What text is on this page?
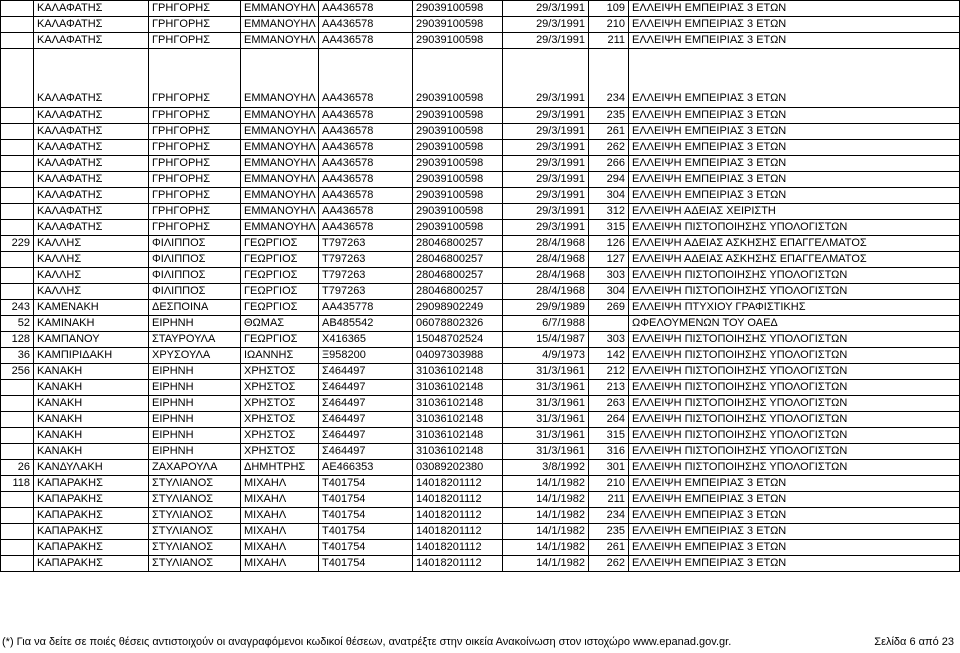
	ΚΑΛΑΦΑΤΗΣ	ΓΡΗΓΟΡΗΣ	ΕΜΜΑΝΟΥΗΛ	ΑΑ436578	29039100598	29/3/1991	109	ΕΛΛΕΙΨΗ ΕΜΠΕΙΡΙΑΣ 3 ΕΤΩΝ
	ΚΑΛΑΦΑΤΗΣ	ΓΡΗΓΟΡΗΣ	ΕΜΜΑΝΟΥΗΛ	ΑΑ436578	29039100598	29/3/1991	210	ΕΛΛΕΙΨΗ ΕΜΠΕΙΡΙΑΣ 3 ΕΤΩΝ
	ΚΑΛΑΦΑΤΗΣ	ΓΡΗΓΟΡΗΣ	ΕΜΜΑΝΟΥΗΛ	ΑΑ436578	29039100598	29/3/1991	211	ΕΛΛΕΙΨΗ ΕΜΠΕΙΡΙΑΣ 3 ΕΤΩΝ
	ΚΑΛΑΦΑΤΗΣ	ΓΡΗΓΟΡΗΣ	ΕΜΜΑΝΟΥΗΛ	ΑΑ436578	29039100598	29/3/1991	234	ΕΛΛΕΙΨΗ ΕΜΠΕΙΡΙΑΣ 3 ΕΤΩΝ
	ΚΑΛΑΦΑΤΗΣ	ΓΡΗΓΟΡΗΣ	ΕΜΜΑΝΟΥΗΛ	ΑΑ436578	29039100598	29/3/1991	235	ΕΛΛΕΙΨΗ ΕΜΠΕΙΡΙΑΣ 3 ΕΤΩΝ
	ΚΑΛΑΦΑΤΗΣ	ΓΡΗΓΟΡΗΣ	ΕΜΜΑΝΟΥΗΛ	ΑΑ436578	29039100598	29/3/1991	261	ΕΛΛΕΙΨΗ ΕΜΠΕΙΡΙΑΣ 3 ΕΤΩΝ
	ΚΑΛΑΦΑΤΗΣ	ΓΡΗΓΟΡΗΣ	ΕΜΜΑΝΟΥΗΛ	ΑΑ436578	29039100598	29/3/1991	262	ΕΛΛΕΙΨΗ ΕΜΠΕΙΡΙΑΣ 3 ΕΤΩΝ
	ΚΑΛΑΦΑΤΗΣ	ΓΡΗΓΟΡΗΣ	ΕΜΜΑΝΟΥΗΛ	ΑΑ436578	29039100598	29/3/1991	266	ΕΛΛΕΙΨΗ ΕΜΠΕΙΡΙΑΣ 3 ΕΤΩΝ
	ΚΑΛΑΦΑΤΗΣ	ΓΡΗΓΟΡΗΣ	ΕΜΜΑΝΟΥΗΛ	ΑΑ436578	29039100598	29/3/1991	294	ΕΛΛΕΙΨΗ ΕΜΠΕΙΡΙΑΣ 3 ΕΤΩΝ
	ΚΑΛΑΦΑΤΗΣ	ΓΡΗΓΟΡΗΣ	ΕΜΜΑΝΟΥΗΛ	ΑΑ436578	29039100598	29/3/1991	304	ΕΛΛΕΙΨΗ ΕΜΠΕΙΡΙΑΣ 3 ΕΤΩΝ
	ΚΑΛΑΦΑΤΗΣ	ΓΡΗΓΟΡΗΣ	ΕΜΜΑΝΟΥΗΛ	ΑΑ436578	29039100598	29/3/1991	312	ΕΛΛΕΙΨΗ ΑΔΕΙΑΣ ΧΕΙΡΙΣΤΗ
	ΚΑΛΑΦΑΤΗΣ	ΓΡΗΓΟΡΗΣ	ΕΜΜΑΝΟΥΗΛ	ΑΑ436578	29039100598	29/3/1991	315	ΕΛΛΕΙΨΗ ΠΙΣΤΟΠΟΙΗΣΗΣ ΥΠΟΛΟΓΙΣΤΩΝ
229	ΚΑΛΛΗΣ	ΦΙΛΙΠΠΟΣ	ΓΕΩΡΓΙΟΣ	Τ797263	28046800257	28/4/1968	126	ΕΛΛΕΙΨΗ ΑΔΕΙΑΣ ΑΣΚΗΣΗΣ ΕΠΑΓΓΕΛΜΑΤΟΣ
	ΚΑΛΛΗΣ	ΦΙΛΙΠΠΟΣ	ΓΕΩΡΓΙΟΣ	Τ797263	28046800257	28/4/1968	127	ΕΛΛΕΙΨΗ ΑΔΕΙΑΣ ΑΣΚΗΣΗΣ ΕΠΑΓΓΕΛΜΑΤΟΣ
	ΚΑΛΛΗΣ	ΦΙΛΙΠΠΟΣ	ΓΕΩΡΓΙΟΣ	Τ797263	28046800257	28/4/1968	303	ΕΛΛΕΙΨΗ ΠΙΣΤΟΠΟΙΗΣΗΣ ΥΠΟΛΟΓΙΣΤΩΝ
	ΚΑΛΛΗΣ	ΦΙΛΙΠΠΟΣ	ΓΕΩΡΓΙΟΣ	Τ797263	28046800257	28/4/1968	304	ΕΛΛΕΙΨΗ ΠΙΣΤΟΠΟΙΗΣΗΣ ΥΠΟΛΟΓΙΣΤΩΝ
243	ΚΑΜΕΝΑΚΗ	ΔΕΣΠΟΙΝΑ	ΓΕΩΡΓΙΟΣ	ΑΑ435778	29098902249	29/9/1989	269	ΕΛΛΕΙΨΗ ΠΤΥΧΙΟΥ ΓΡΑΦΙΣΤΙΚΗΣ
52	ΚΑΜΙΝΑΚΗ	ΕΙΡΗΝΗ	ΘΩΜΑΣ	ΑΒ485542	06078802326	6/7/1988		ΩΦΕΛΟΥΜΕΝΩΝ ΤΟΥ ΟΑΕΔ
128	ΚΑΜΠΑΝΟΥ	ΣΤΑΥΡΟΥΛΑ	ΓΕΩΡΓΙΟΣ	Χ416365	15048702524	15/4/1987	303	ΕΛΛΕΙΨΗ ΠΙΣΤΟΠΟΙΗΣΗΣ ΥΠΟΛΟΓΙΣΤΩΝ
36	ΚΑΜΠΙΡΙΔΑΚΗ	ΧΡΥΣΟΥΛΑ	ΙΩΑΝΝΗΣ	Ξ958200	04097303988	4/9/1973	142	ΕΛΛΕΙΨΗ ΠΙΣΤΟΠΟΙΗΣΗΣ ΥΠΟΛΟΓΙΣΤΩΝ
256	ΚΑΝΑΚΗ	ΕΙΡΗΝΗ	ΧΡΗΣΤΟΣ	Σ464497	31036102148	31/3/1961	212	ΕΛΛΕΙΨΗ ΠΙΣΤΟΠΟΙΗΣΗΣ ΥΠΟΛΟΓΙΣΤΩΝ
	ΚΑΝΑΚΗ	ΕΙΡΗΝΗ	ΧΡΗΣΤΟΣ	Σ464497	31036102148	31/3/1961	213	ΕΛΛΕΙΨΗ ΠΙΣΤΟΠΟΙΗΣΗΣ ΥΠΟΛΟΓΙΣΤΩΝ
	ΚΑΝΑΚΗ	ΕΙΡΗΝΗ	ΧΡΗΣΤΟΣ	Σ464497	31036102148	31/3/1961	263	ΕΛΛΕΙΨΗ ΠΙΣΤΟΠΟΙΗΣΗΣ ΥΠΟΛΟΓΙΣΤΩΝ
	ΚΑΝΑΚΗ	ΕΙΡΗΝΗ	ΧΡΗΣΤΟΣ	Σ464497	31036102148	31/3/1961	264	ΕΛΛΕΙΨΗ ΠΙΣΤΟΠΟΙΗΣΗΣ ΥΠΟΛΟΓΙΣΤΩΝ
	ΚΑΝΑΚΗ	ΕΙΡΗΝΗ	ΧΡΗΣΤΟΣ	Σ464497	31036102148	31/3/1961	315	ΕΛΛΕΙΨΗ ΠΙΣΤΟΠΟΙΗΣΗΣ ΥΠΟΛΟΓΙΣΤΩΝ
	ΚΑΝΑΚΗ	ΕΙΡΗΝΗ	ΧΡΗΣΤΟΣ	Σ464497	31036102148	31/3/1961	316	ΕΛΛΕΙΨΗ ΠΙΣΤΟΠΟΙΗΣΗΣ ΥΠΟΛΟΓΙΣΤΩΝ
26	ΚΑΝΔΥΛΑΚΗ	ΖΑΧΑΡΟΥΛΑ	ΔΗΜΗΤΡΗΣ	ΑΕ466353	03089202380	3/8/1992	301	ΕΛΛΕΙΨΗ ΠΙΣΤΟΠΟΙΗΣΗΣ ΥΠΟΛΟΓΙΣΤΩΝ
118	ΚΑΠΑΡΑΚΗΣ	ΣΤΥΛΙΑΝΟΣ	ΜΙΧΑΗΛ	Τ401754	14018201112	14/1/1982	210	ΕΛΛΕΙΨΗ ΕΜΠΕΙΡΙΑΣ 3 ΕΤΩΝ
	ΚΑΠΑΡΑΚΗΣ	ΣΤΥΛΙΑΝΟΣ	ΜΙΧΑΗΛ	Τ401754	14018201112	14/1/1982	211	ΕΛΛΕΙΨΗ ΕΜΠΕΙΡΙΑΣ 3 ΕΤΩΝ
	ΚΑΠΑΡΑΚΗΣ	ΣΤΥΛΙΑΝΟΣ	ΜΙΧΑΗΛ	Τ401754	14018201112	14/1/1982	234	ΕΛΛΕΙΨΗ ΕΜΠΕΙΡΙΑΣ 3 ΕΤΩΝ
	ΚΑΠΑΡΑΚΗΣ	ΣΤΥΛΙΑΝΟΣ	ΜΙΧΑΗΛ	Τ401754	14018201112	14/1/1982	235	ΕΛΛΕΙΨΗ ΕΜΠΕΙΡΙΑΣ 3 ΕΤΩΝ
	ΚΑΠΑΡΑΚΗΣ	ΣΤΥΛΙΑΝΟΣ	ΜΙΧΑΗΛ	Τ401754	14018201112	14/1/1982	261	ΕΛΛΕΙΨΗ ΕΜΠΕΙΡΙΑΣ 3 ΕΤΩΝ
	ΚΑΠΑΡΑΚΗΣ	ΣΤΥΛΙΑΝΟΣ	ΜΙΧΑΗΛ	Τ401754	14018201112	14/1/1982	262	ΕΛΛΕΙΨΗ ΕΜΠΕΙΡΙΑΣ 3 ΕΤΩΝ
(*) Για να δείτε σε ποιές θέσεις αντιστοιχούν οι αναγραφόμενοι κωδικοί θέσεων, ανατρέξτε στην οικεία Ανακοίνωση στον ιστοχώρο www.epanad.gov.gr.	Σελίδα 6 από 23
